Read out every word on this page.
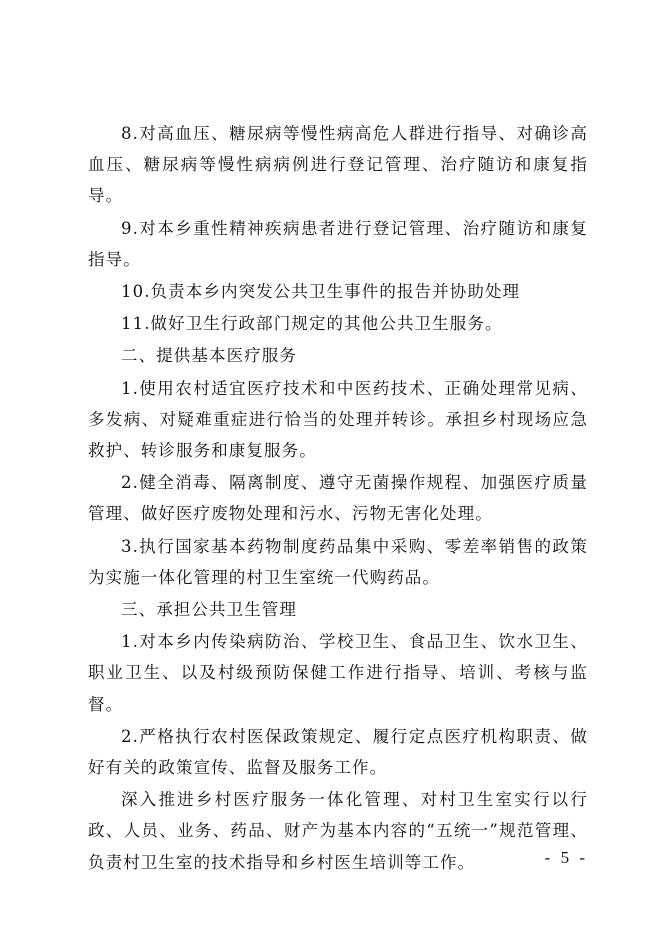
8.对高血压、糖尿病等慢性病高危人群进行指导、对确诊高血压、糖尿病等慢性病病例进行登记管理、治疗随访和康复指导。

9.对本乡重性精神疾病患者进行登记管理、治疗随访和康复指导。

10.负责本乡内突发公共卫生事件的报告并协助处理

11.做好卫生行政部门规定的其他公共卫生服务。

二、提供基本医疗服务

1.使用农村适宜医疗技术和中医药技术、正确处理常见病、多发病、对疑难重症进行恰当的处理并转诊。承担乡村现场应急救护、转诊服务和康复服务。

2.健全消毒、隔离制度、遵守无菌操作规程、加强医疗质量管理、做好医疗废物处理和污水、污物无害化处理。

3.执行国家基本药物制度药品集中采购、零差率销售的政策为实施一体化管理的村卫生室统一代购药品。

三、承担公共卫生管理

1.对本乡内传染病防治、学校卫生、食品卫生、饮水卫生、职业卫生、以及村级预防保健工作进行指导、培训、考核与监督。

2.严格执行农村医保政策规定、履行定点医疗机构职责、做好有关的政策宣传、监督及服务工作。

深入推进乡村医疗服务一体化管理、对村卫生室实行以行政、人员、业务、药品、财产为基本内容的“五统一”规范管理、负责村卫生室的技术指导和乡村医生培训等工作。	- 5 -
